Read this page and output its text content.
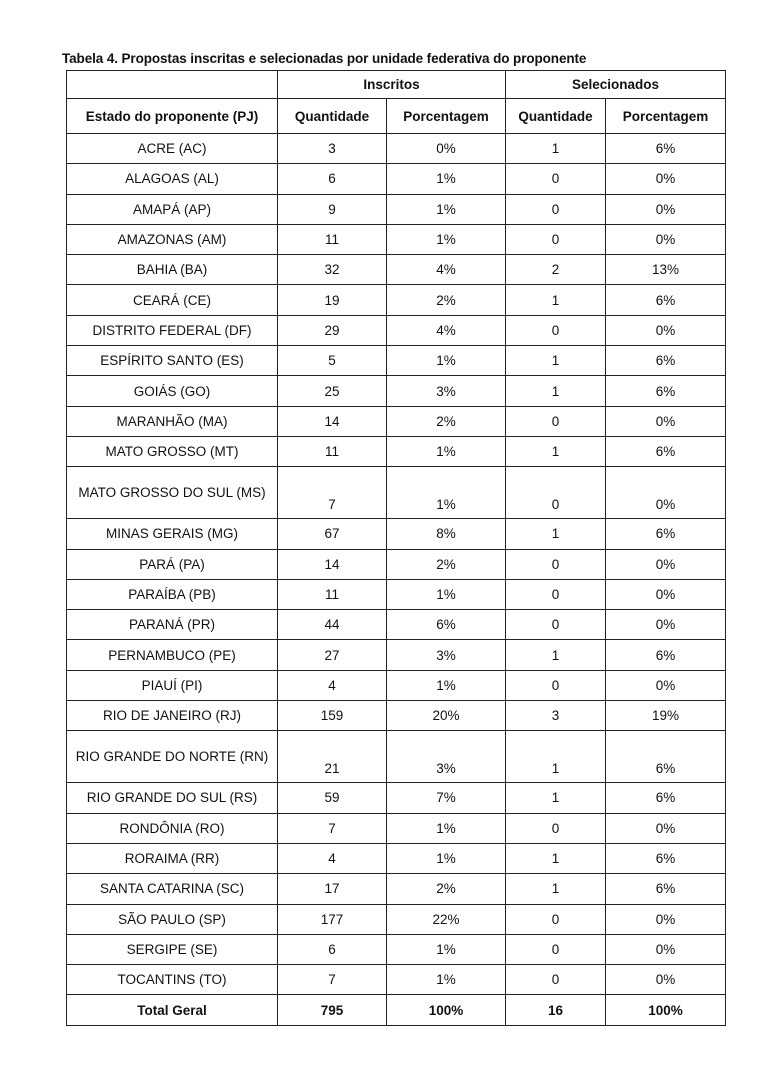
Tabela 4. Propostas inscritas e selecionadas por unidade federativa do proponente
	Inscritos		Selecionados	
Estado do proponente (PJ)	Quantidade	Porcentagem	Quantidade	Porcentagem
ACRE (AC)	3	0%	1	6%
ALAGOAS (AL)	6	1%	0	0%
AMAPÁ (AP)	9	1%	0	0%
AMAZONAS (AM)	11	1%	0	0%
BAHIA (BA)	32	4%	2	13%
CEARÁ (CE)	19	2%	1	6%
DISTRITO FEDERAL (DF)	29	4%	0	0%
ESPÍRITO SANTO (ES)	5	1%	1	6%
GOIÁS (GO)	25	3%	1	6%
MARANHÃO (MA)	14	2%	0	0%
MATO GROSSO (MT)	11	1%	1	6%
MATO GROSSO DO SUL (MS)	7	1%	0	0%
MINAS GERAIS (MG)	67	8%	1	6%
PARÁ (PA)	14	2%	0	0%
PARAÍBA (PB)	11	1%	0	0%
PARANÁ (PR)	44	6%	0	0%
PERNAMBUCO (PE)	27	3%	1	6%
PIAUÍ (PI)	4	1%	0	0%
RIO DE JANEIRO (RJ)	159	20%	3	19%
RIO GRANDE DO NORTE (RN)	21	3%	1	6%
RIO GRANDE DO SUL (RS)	59	7%	1	6%
RONDÔNIA (RO)	7	1%	0	0%
RORAIMA (RR)	4	1%	1	6%
SANTA CATARINA (SC)	17	2%	1	6%
SÃO PAULO (SP)	177	22%	0	0%
SERGIPE (SE)	6	1%	0	0%
TOCANTINS (TO)	7	1%	0	0%
Total Geral	795	100%	16	100%
